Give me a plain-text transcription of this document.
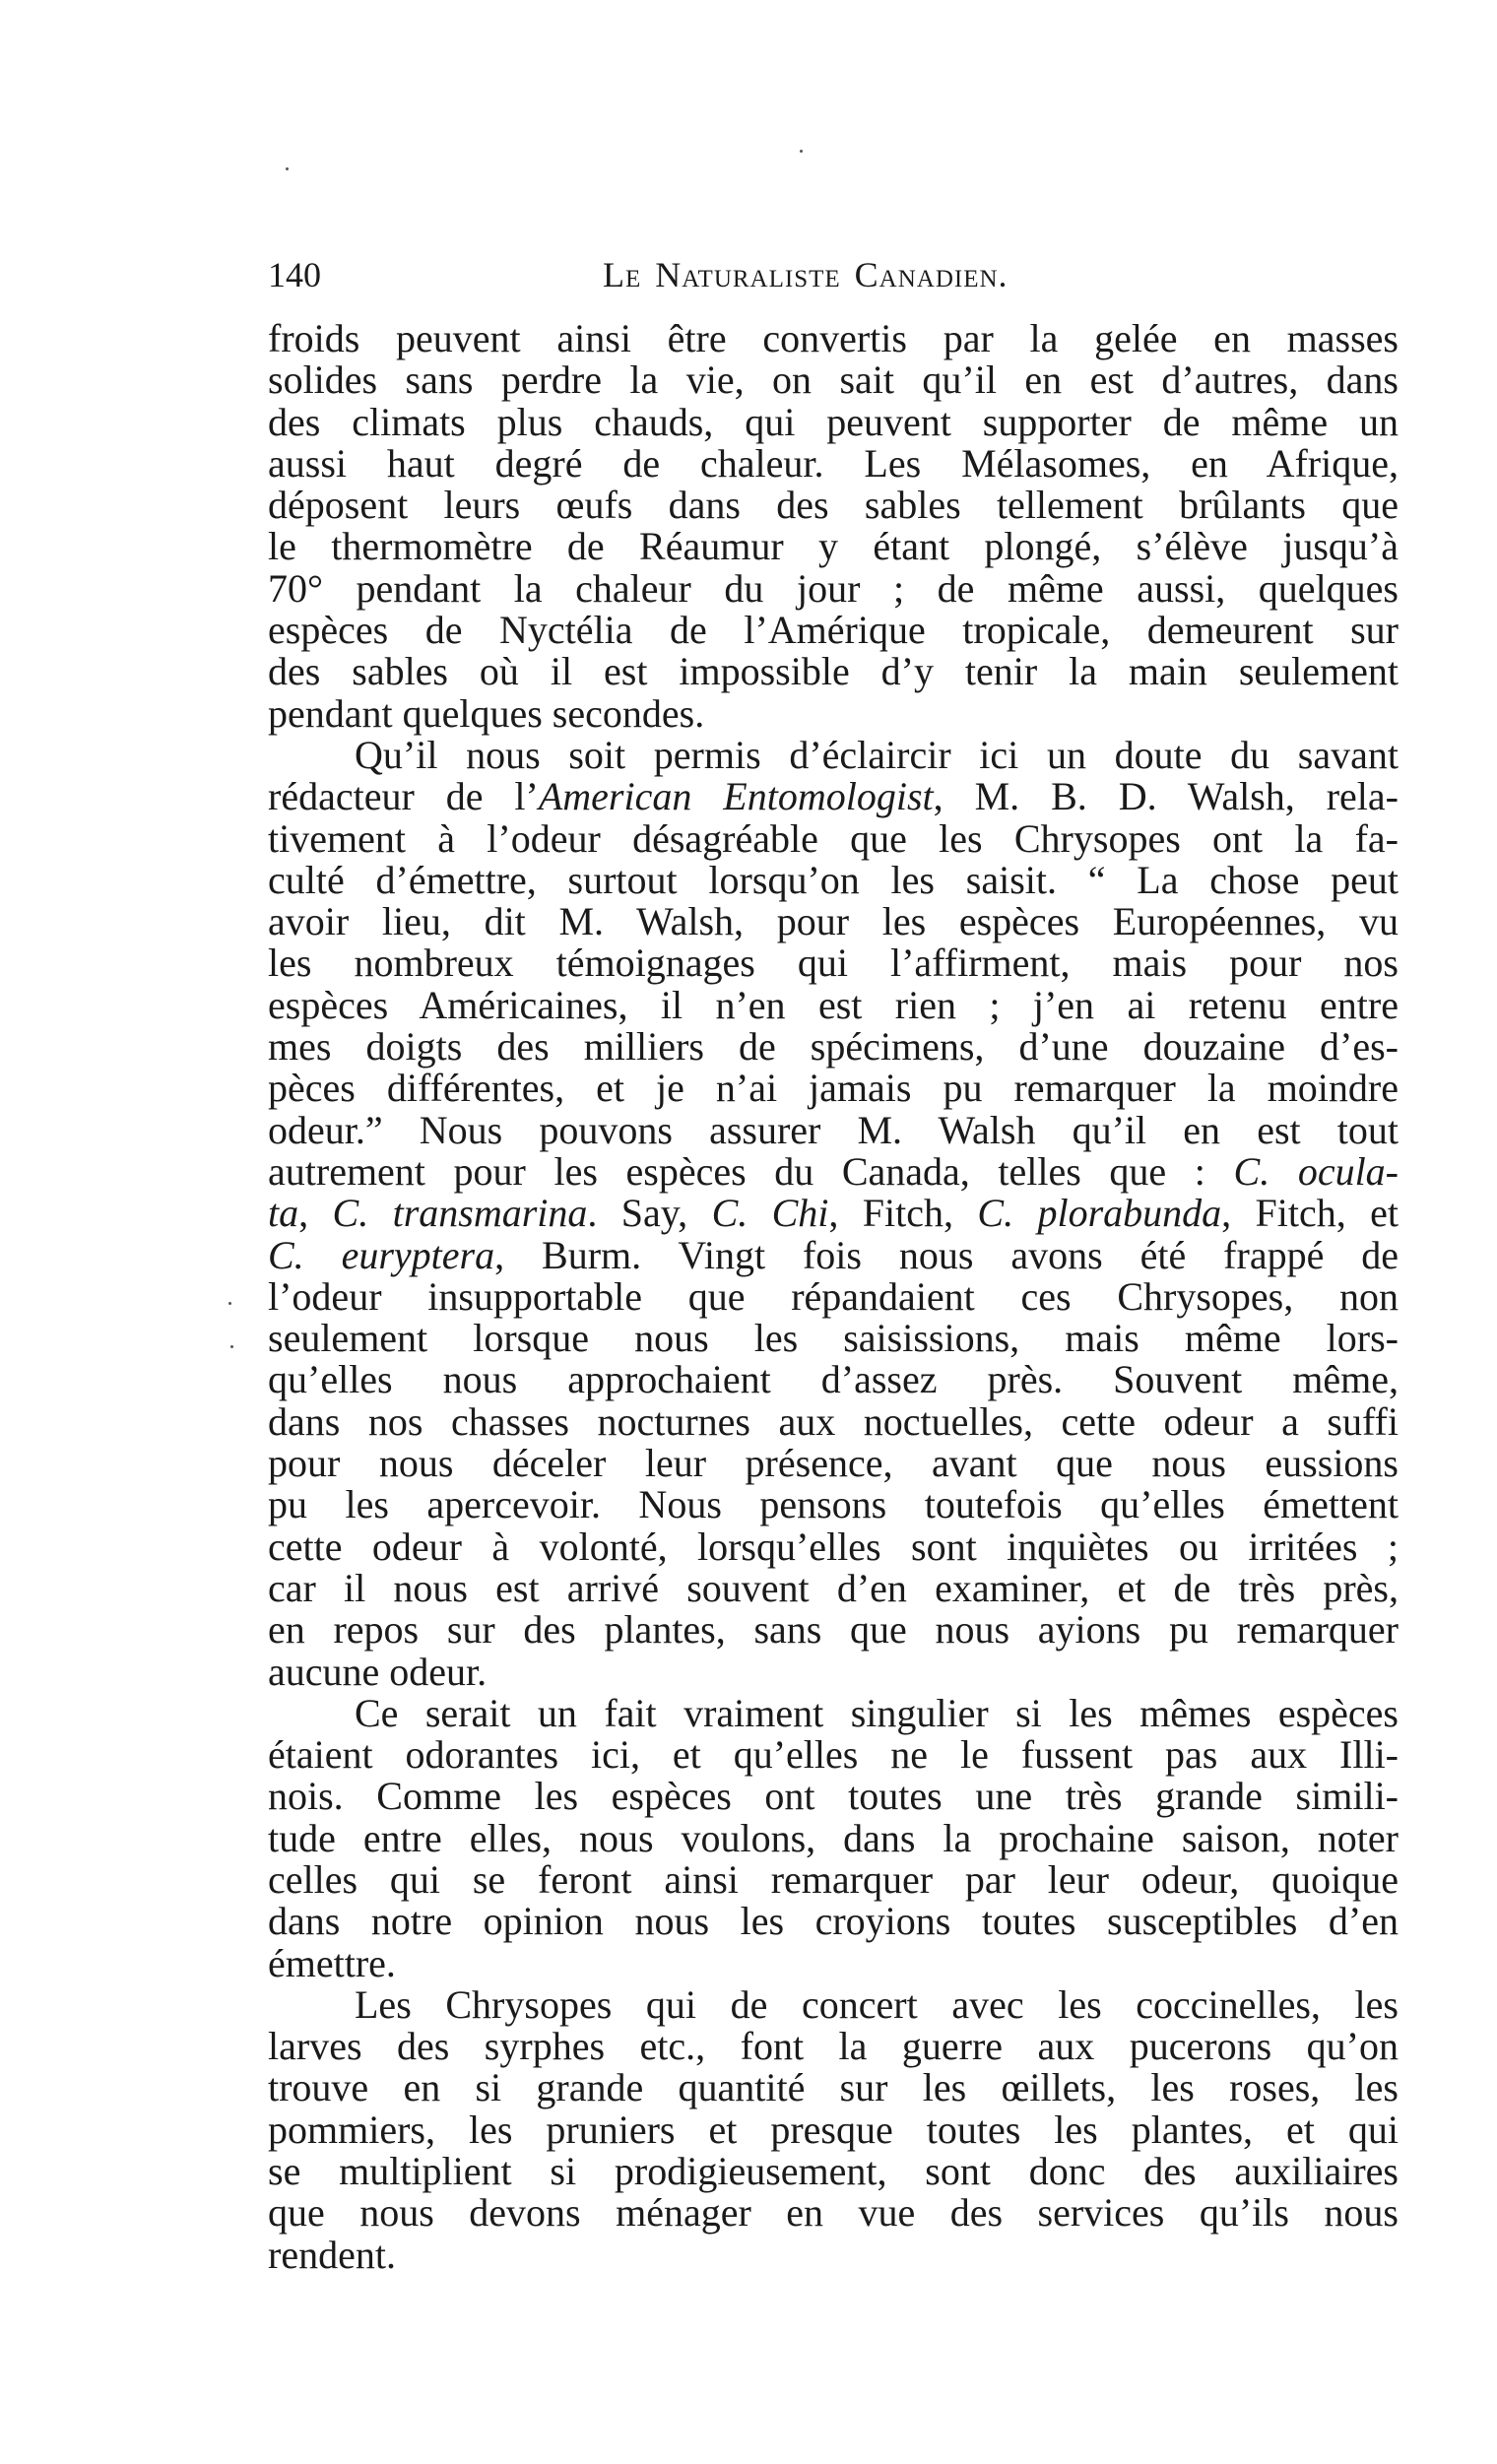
140	Le Naturaliste Canadien.
froids peuvent ainsi être convertis par la gelée en masses
solides sans perdre la vie, on sait qu’il en est d’autres, dans
des climats plus chauds, qui peuvent supporter de même un
aussi haut degré de chaleur. Les Mélasomes, en Afrique,
déposent leurs œufs dans des sables tellement brûlants que
le thermomètre de Réaumur y étant plongé, s’élève jusqu’à
70° pendant la chaleur du jour ; de même aussi, quelques
espèces de Nyctélia de l’Amérique tropicale, demeurent sur
des sables où il est impossible d’y tenir la main seulement
pendant quelques secondes.
Qu’il nous soit permis d’éclaircir ici un doute du savant
rédacteur de l’American Entomologist, M. B. D. Walsh, rela-
tivement à l’odeur désagréable que les Chrysopes ont la fa-
culté d’émettre, surtout lorsqu’on les saisit. “ La chose peut
avoir lieu, dit M. Walsh, pour les espèces Européennes, vu
les nombreux témoignages qui l’affirment, mais pour nos
espèces Américaines, il n’en est rien ; j’en ai retenu entre
mes doigts des milliers de spécimens, d’une douzaine d’es-
pèces différentes, et je n’ai jamais pu remarquer la moindre
odeur.” Nous pouvons assurer M. Walsh qu’il en est tout
autrement pour les espèces du Canada, telles que : C. ocula-
ta, C. transmarina. Say, C. Chi, Fitch, C. plorabunda, Fitch, et
C. euryptera, Burm. Vingt fois nous avons été frappé de
l’odeur insupportable que répandaient ces Chrysopes, non
seulement lorsque nous les saisissions, mais même lors-
qu’elles nous approchaient d’assez près. Souvent même,
dans nos chasses nocturnes aux noctuelles, cette odeur a suffi
pour nous déceler leur présence, avant que nous eussions
pu les apercevoir. Nous pensons toutefois qu’elles émettent
cette odeur à volonté, lorsqu’elles sont inquiètes ou irritées ;
car il nous est arrivé souvent d’en examiner, et de très près,
en repos sur des plantes, sans que nous ayions pu remarquer
aucune odeur.
Ce serait un fait vraiment singulier si les mêmes espèces
étaient odorantes ici, et qu’elles ne le fussent pas aux Illi-
nois. Comme les espèces ont toutes une très grande simili-
tude entre elles, nous voulons, dans la prochaine saison, noter
celles qui se feront ainsi remarquer par leur odeur, quoique
dans notre opinion nous les croyions toutes susceptibles d’en
émettre.
Les Chrysopes qui de concert avec les coccinelles, les
larves des syrphes etc., font la guerre aux pucerons qu’on
trouve en si grande quantité sur les œillets, les roses, les
pommiers, les pruniers et presque toutes les plantes, et qui
se multiplient si prodigieusement, sont donc des auxiliaires
que nous devons ménager en vue des services qu’ils nous
rendent.
